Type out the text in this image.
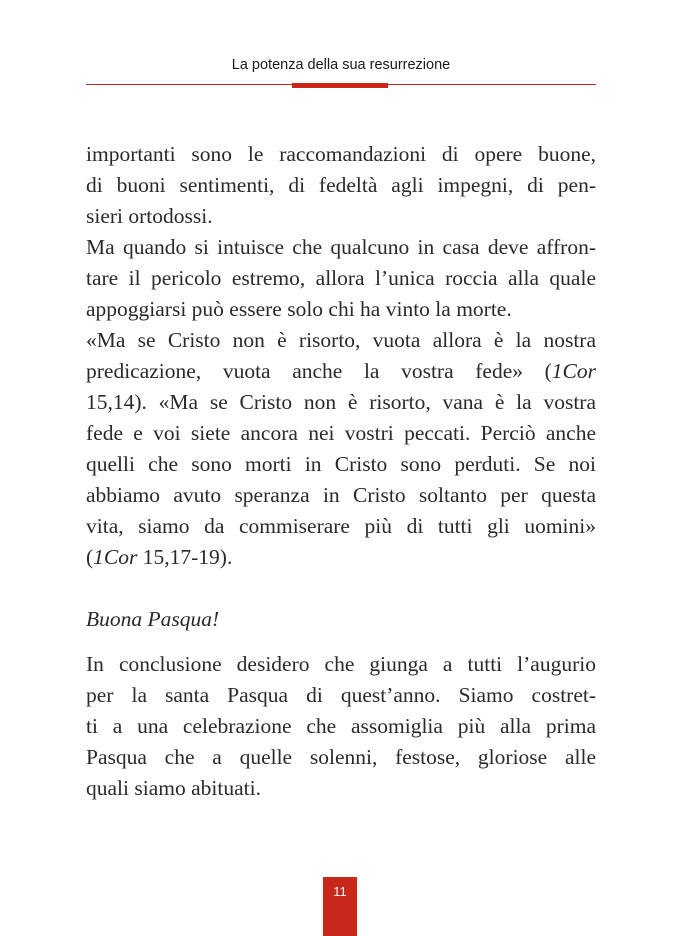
La potenza della sua resurrezione

importanti sono le raccomandazioni di opere buone,
di buoni sentimenti, di fedeltà agli impegni, di pen-
sieri ortodossi.

Ma quando si intuisce che qualcuno in casa deve affron-
tare il pericolo estremo, allora l’unica roccia alla quale
appoggiarsi può essere solo chi ha vinto la morte.

«Ma se Cristo non è risorto, vuota allora è la nostra
predicazione, vuota anche la vostra fede» (1Cor
15,14). «Ma se Cristo non è risorto, vana è la vostra
fede e voi siete ancora nei vostri peccati. Perciò anche
quelli che sono morti in Cristo sono perduti. Se noi
abbiamo avuto speranza in Cristo soltanto per questa
vita, siamo da commiserare più di tutti gli uomini»
(1Cor 15,17-19).

Buona Pasqua!

In conclusione desidero che giunga a tutti l’augurio
per la santa Pasqua di quest’anno. Siamo costret-
ti a una celebrazione che assomiglia più alla prima
Pasqua che a quelle solenni, festose, gloriose alle
quali siamo abituati.

11
